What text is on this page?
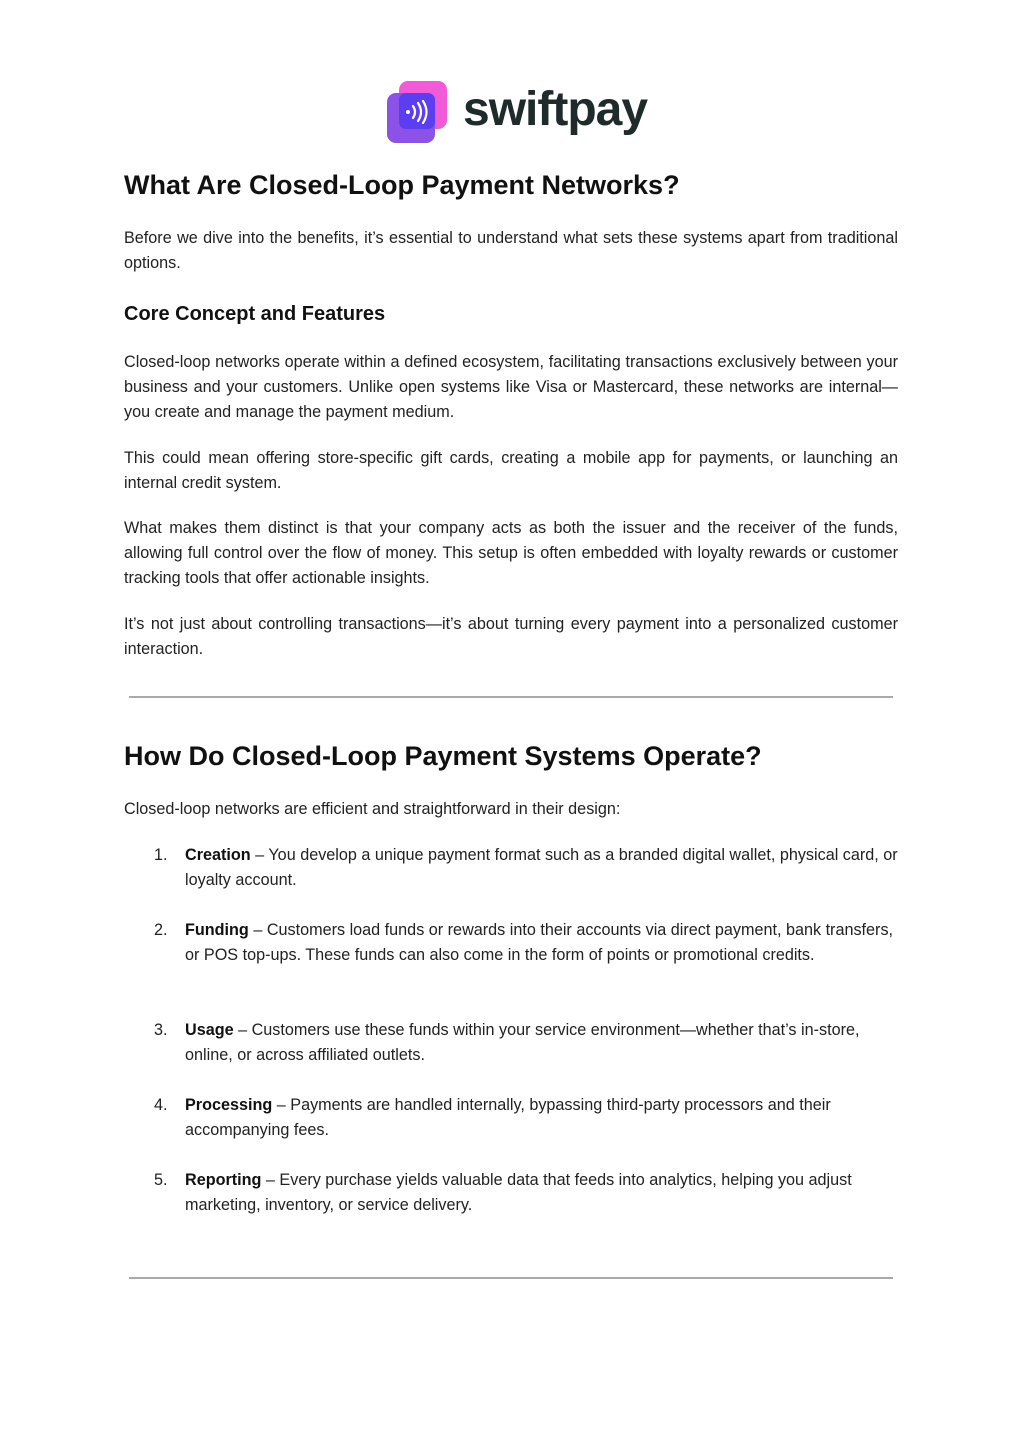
swiftpay
What Are Closed-Loop Payment Networks?

Before we dive into the benefits, it’s essential to understand what sets these systems apart from traditional options.

Core Concept and Features

Closed-loop networks operate within a defined ecosystem, facilitating transactions exclusively between your business and your customers. Unlike open systems like Visa or Mastercard, these networks are internal—you create and manage the payment medium.

This could mean offering store-specific gift cards, creating a mobile app for payments, or launching an internal credit system.

What makes them distinct is that your company acts as both the issuer and the receiver of the funds, allowing full control over the flow of money. This setup is often embedded with loyalty rewards or customer tracking tools that offer actionable insights.

It’s not just about controlling transactions—it’s about turning every payment into a personalized customer interaction.

How Do Closed-Loop Payment Systems Operate?

Closed-loop networks are efficient and straightforward in their design:

1. Creation – You develop a unique payment format such as a branded digital wallet, physical card, or loyalty account.
2. Funding – Customers load funds or rewards into their accounts via direct payment, bank transfers, or POS top-ups. These funds can also come in the form of points or promotional credits.
3. Usage – Customers use these funds within your service environment—whether that’s in-store, online, or across affiliated outlets.
4. Processing – Payments are handled internally, bypassing third-party processors and their accompanying fees.
5. Reporting – Every purchase yields valuable data that feeds into analytics, helping you adjust marketing, inventory, or service delivery.
